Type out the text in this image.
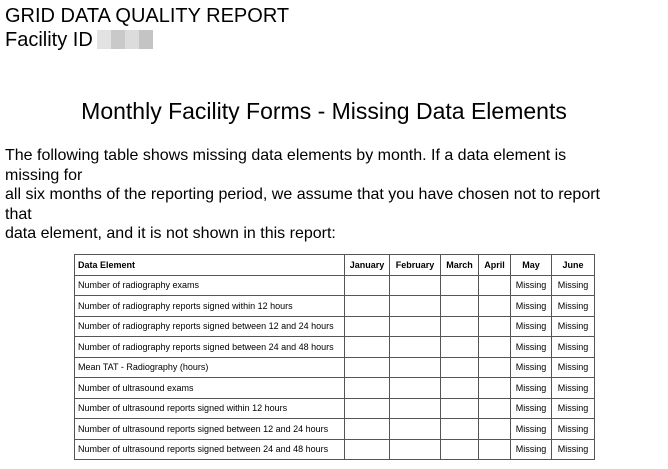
GRID DATA QUALITY REPORT
Facility ID
Monthly Facility Forms - Missing Data Elements
The following table shows missing data elements by month. If a data element is
missing for
all six months of the reporting period, we assume that you have chosen not to report
that
data element, and it is not shown in this report:
Data Element	January	February	March	April	May	June
Number of radiography exams					Missing	Missing
Number of radiography reports signed within 12 hours					Missing	Missing
Number of radiography reports signed between 12 and 24 hours					Missing	Missing
Number of radiography reports signed between 24 and 48 hours					Missing	Missing
Mean TAT - Radiography (hours)					Missing	Missing
Number of ultrasound exams					Missing	Missing
Number of ultrasound reports signed within 12 hours					Missing	Missing
Number of ultrasound reports signed between 12 and 24 hours					Missing	Missing
Number of ultrasound reports signed between 24 and 48 hours					Missing	Missing
